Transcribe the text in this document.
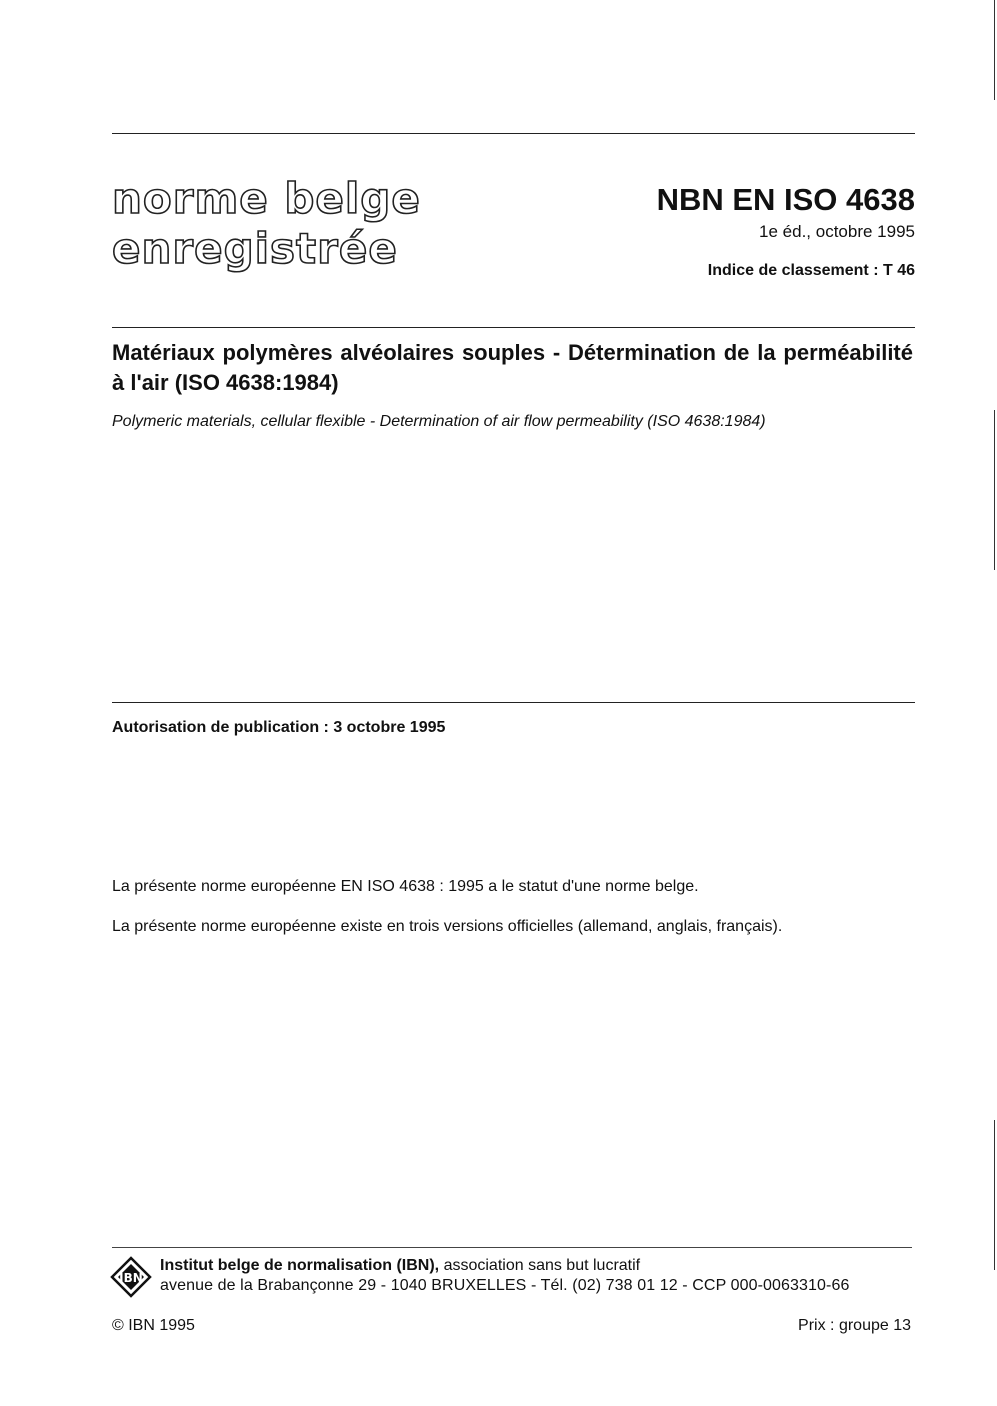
norme belge
enregistrée
NBN EN ISO 4638
1e éd., octobre 1995
Indice de classement : T 46
Matériaux polymères alvéolaires souples - Détermination de la perméabilité à l'air (ISO 4638:1984)
Polymeric materials, cellular flexible - Determination of air flow permeability (ISO 4638:1984)
Autorisation de publication : 3 octobre 1995
La présente norme européenne EN ISO 4638 : 1995 a le statut d'une norme belge.
La présente norme européenne existe en trois versions officielles (allemand, anglais, français).
IBN
Institut belge de normalisation (IBN), association sans but lucratif
avenue de la Brabançonne 29 - 1040 BRUXELLES - Tél. (02) 738 01 12 - CCP 000-0063310-66
© IBN 1995	Prix : groupe 13
